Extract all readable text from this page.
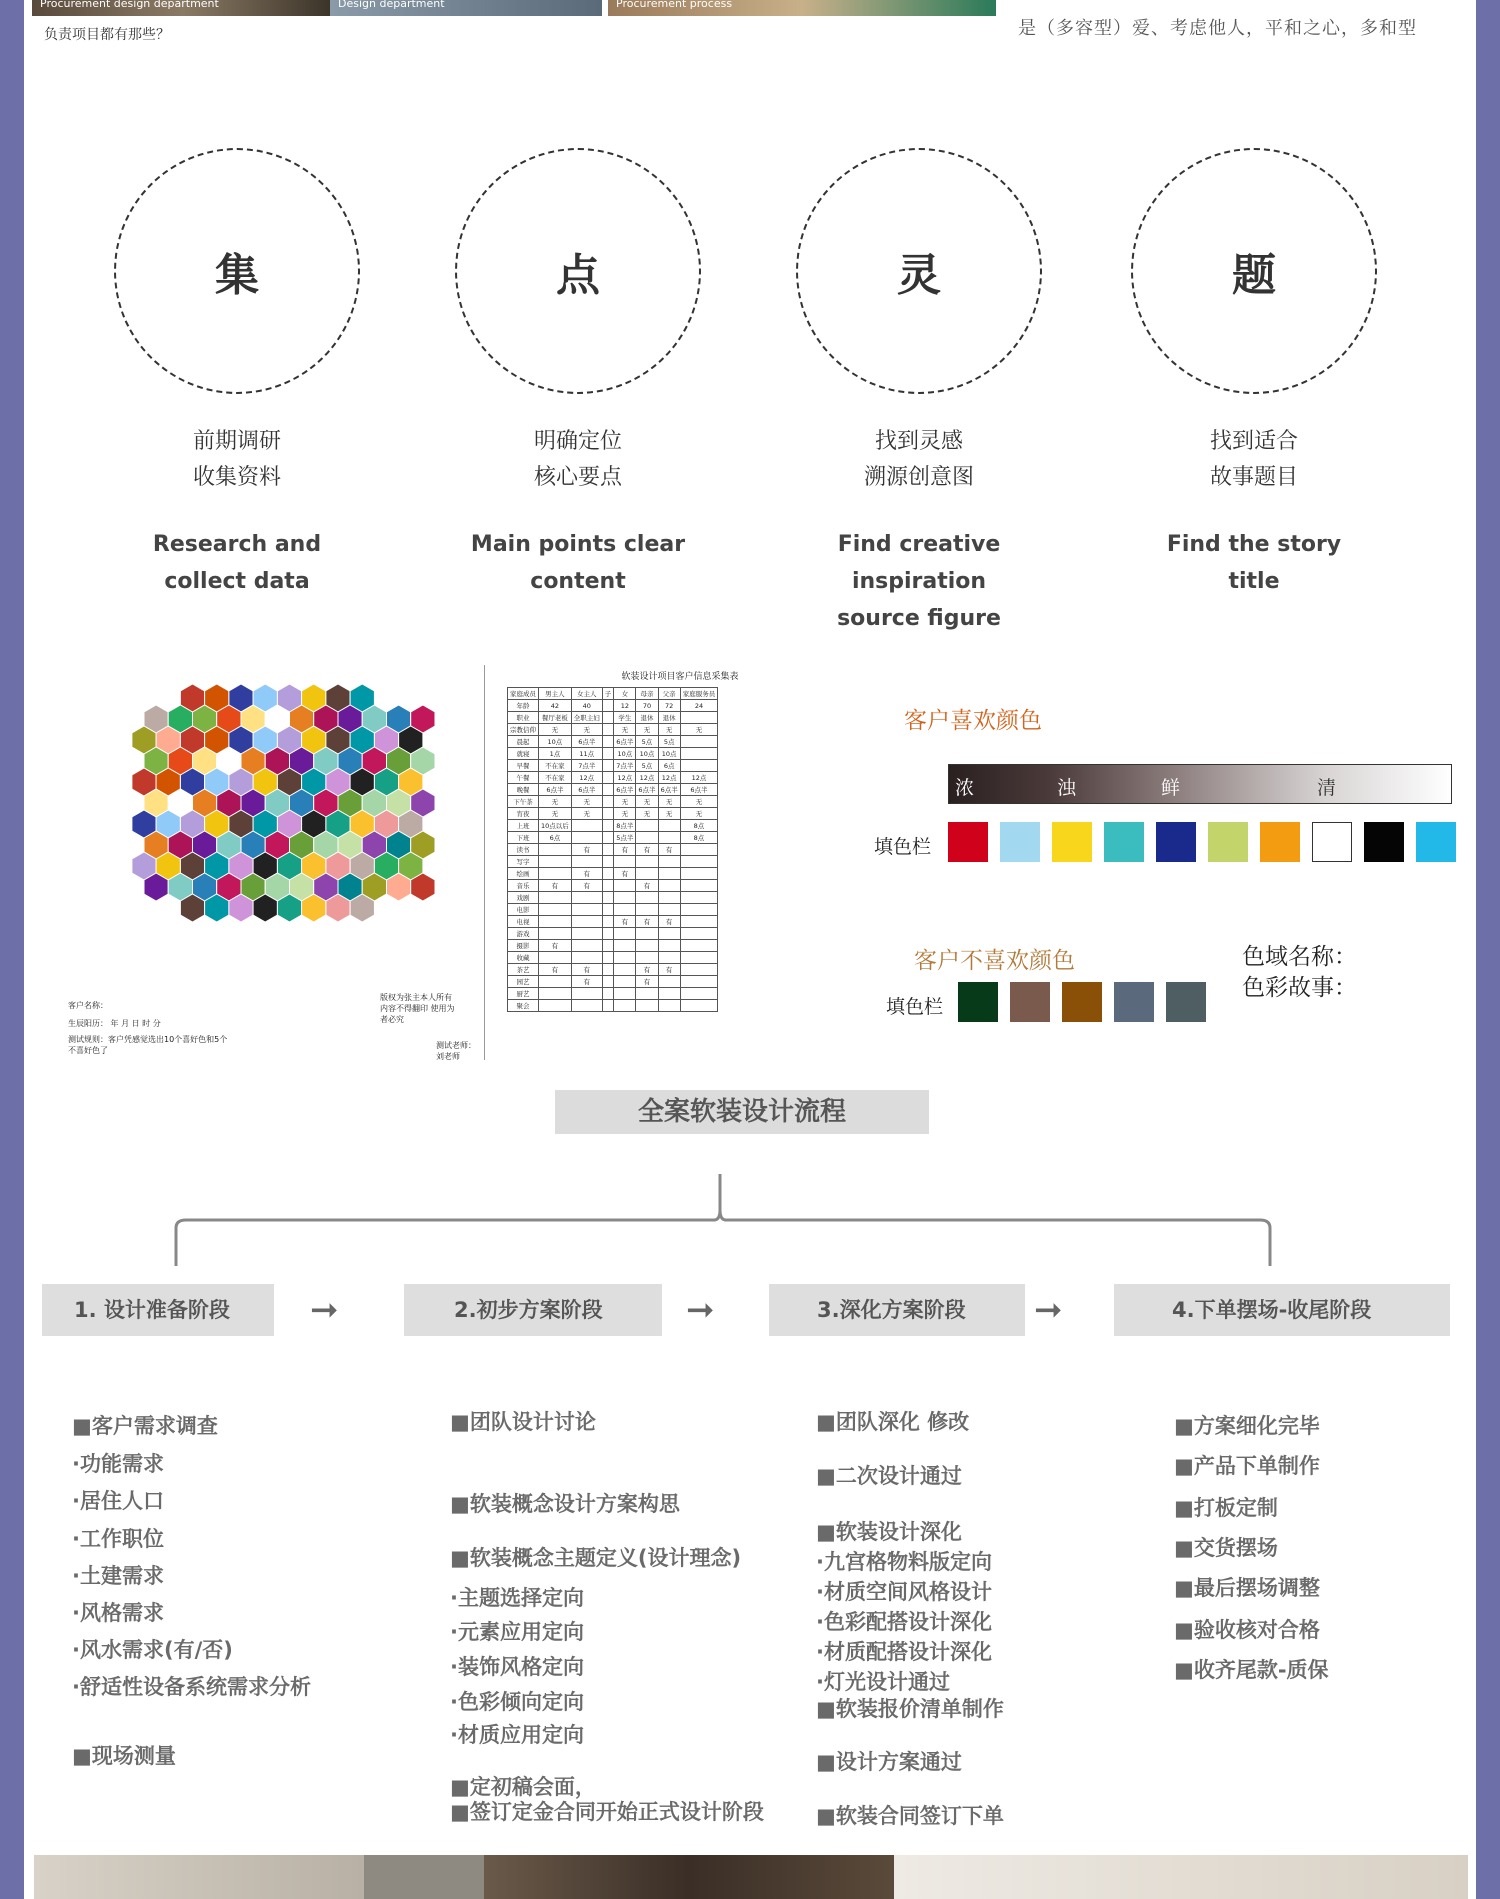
Procurement design department	Design department	Procurement process
负责项目都有那些？	是（多容型）爱、考虑他人，平和之心，多和型
集	点	灵	题
前期调研
收集资料
明确定位
核心要点
找到灵感
溯源创意图
找到适合
故事题目
Research and
collect data
Main points clear
content
Find creative
inspiration
source figure
Find the story
title
客户名称：
生辰阳历： 年 月 日 时 分
测试规则：客户凭感觉选出10个喜好色和5个不喜好色了
版权为张主本人所有 内容不得翻印 使用为者必究
测试老师：刘老师
软装设计项目客户信息采集表
家庭成员	男主人	女主人	子	女	母亲	父亲	家庭服务员
年龄	42	40		12	70	72	24
职业	餐厅老板	全职主妇		学生	退休	退休	
宗教信仰	无	无		无	无	无	无
晨起	10点	6点半		6点半	5点	5点	
就寝	1点	11点		10点	10点	10点	
早餐	不在家	7点半		7点半	5点	6点	
午餐	不在家	12点		12点	12点	12点	12点
晚餐	6点半	6点半		6点半	6点半	6点半	6点半
下午茶	无	无		无	无	无	无
宵夜	无	无		无	无	无	无
上班	10点以后			8点半			8点
下班	6点			5点半			8点
读书		有		有	有	有	
写字							
绘画		有		有			
音乐	有	有			有		
戏剧							
电影							
电视				有	有	有	
游戏							
摄影	有						
收藏							
茶艺	有	有			有	有	
园艺		有			有		
厨艺							
聚会							
客户喜欢颜色
浓	浊	鲜	清
填色栏
客户不喜欢颜色
填色栏
色域名称：
色彩故事：
全案软装设计流程
1. 设计准备阶段	➞	2.初步方案阶段	➞	3.深化方案阶段	➞	4.下单摆场-收尾阶段
■客户需求调查
·功能需求
·居住人口
·工作职位
·土建需求
·风格需求
·风水需求(有/否)
·舒适性设备系统需求分析
■现场测量
■团队设计讨论
■软装概念设计方案构思
■软装概念主题定义(设计理念)
·主题选择定向
·元素应用定向
·装饰风格定向
·色彩倾向定向
·材质应用定向
■定初稿会面，
■签订定金合同开始正式设计阶段
■团队深化 修改
■二次设计通过
■软装设计深化
·九宫格物料版定向
·材质空间风格设计
·色彩配搭设计深化
·材质配搭设计深化
·灯光设计通过
■软装报价清单制作
■设计方案通过
■软装合同签订下单
■方案细化完毕
■产品下单制作
■打板定制
■交货摆场
■最后摆场调整
■验收核对合格
■收齐尾款-质保
